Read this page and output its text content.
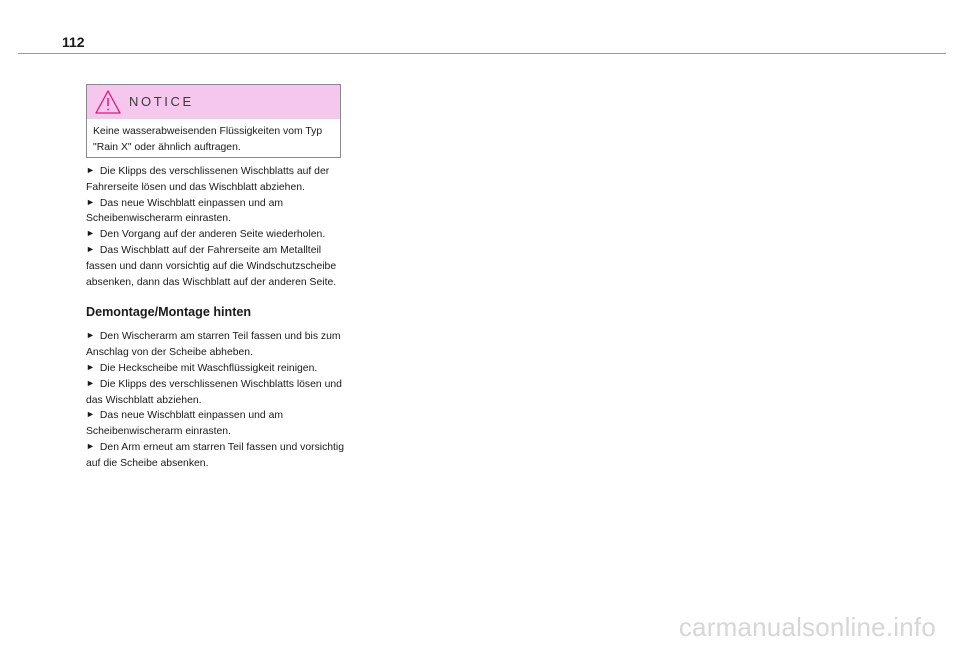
112
NOTICE
Keine wasserabweisenden Flüssigkeiten vom Typ "Rain X" oder ähnlich auftragen.

► Die Klipps des verschlissenen Wischblatts auf der Fahrerseite lösen und das Wischblatt abziehen.

► Das neue Wischblatt einpassen und am Scheibenwischerarm einrasten.

► Den Vorgang auf der anderen Seite wiederholen.

► Das Wischblatt auf der Fahrerseite am Metallteil fassen und dann vorsichtig auf die Windschutzscheibe absenken, dann das Wischblatt auf der anderen Seite.

Demontage/Montage hinten

► Den Wischerarm am starren Teil fassen und bis zum Anschlag von der Scheibe abheben.

► Die Heckscheibe mit Waschflüssigkeit reinigen.

► Die Klipps des verschlissenen Wischblatts lösen und das Wischblatt abziehen.

► Das neue Wischblatt einpassen und am Scheibenwischerarm einrasten.

► Den Arm erneut am starren Teil fassen und vorsichtig auf die Scheibe absenken.

carmanualsonline.info
